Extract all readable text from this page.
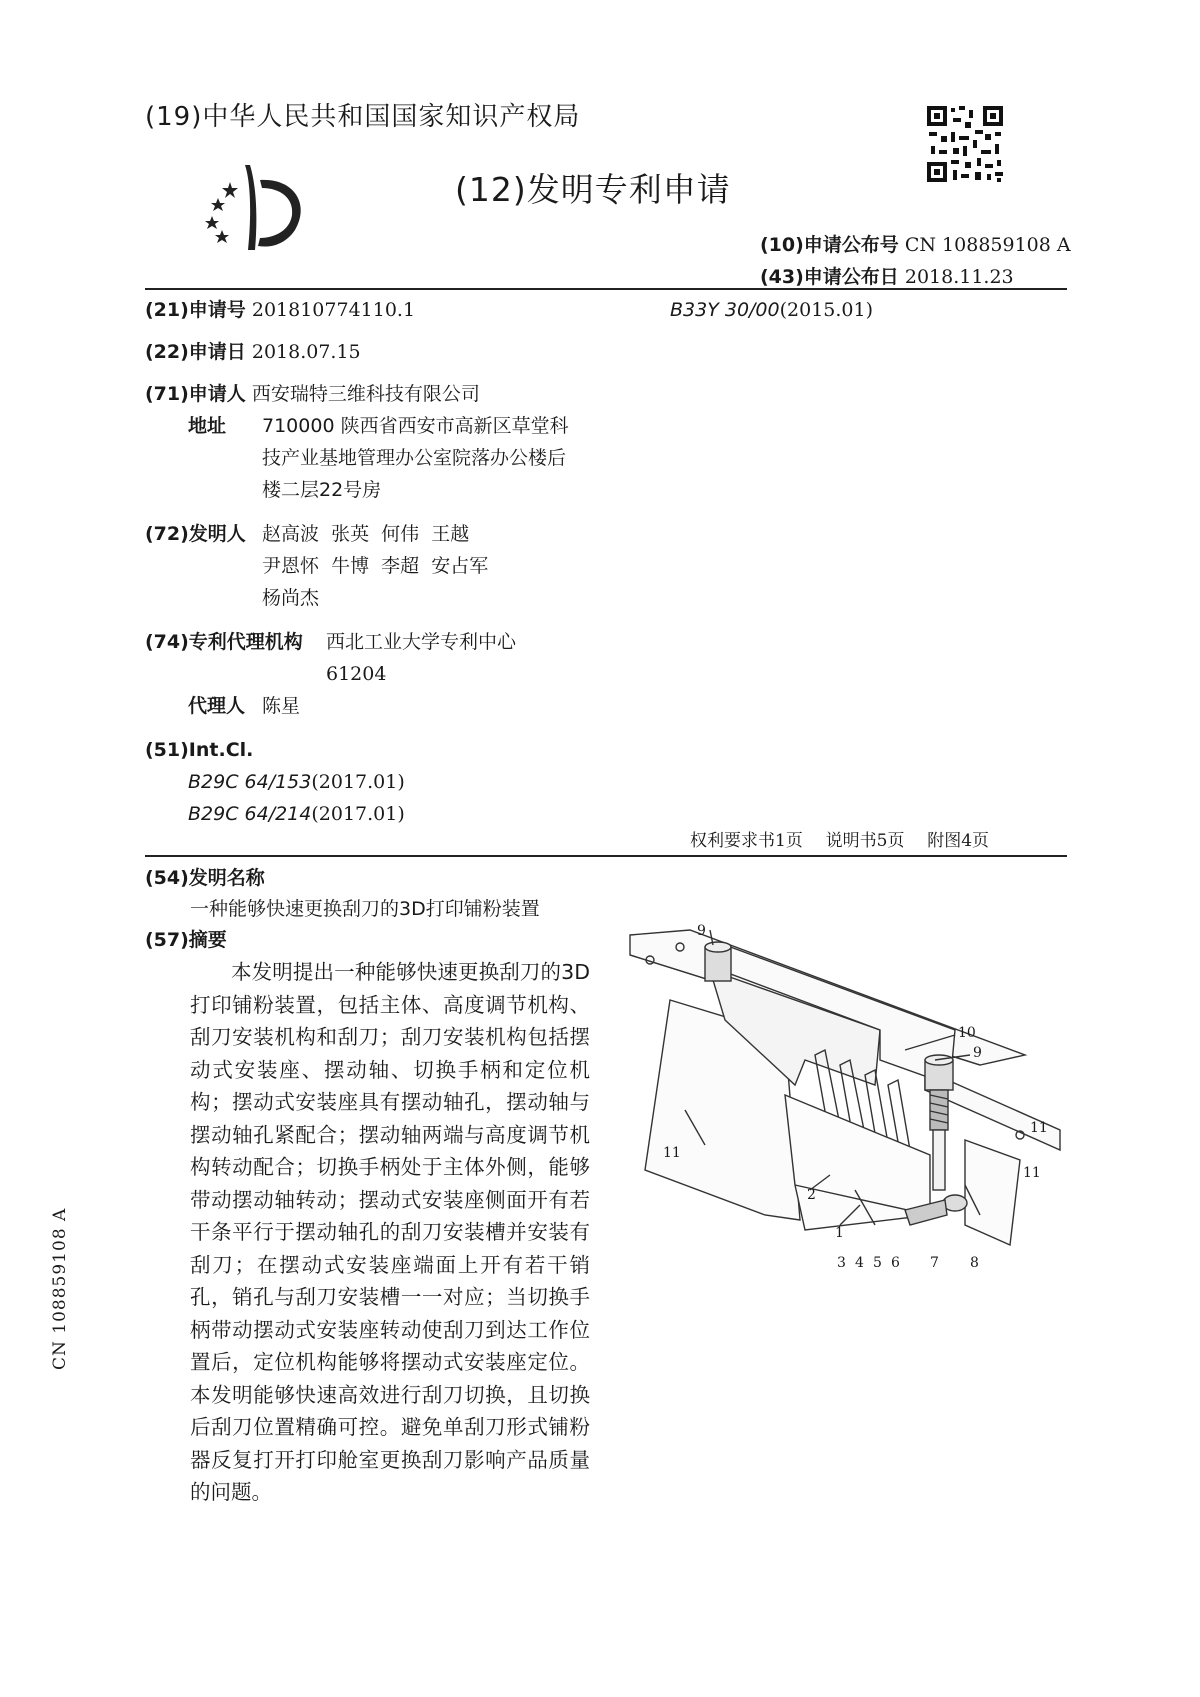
(19)中华人民共和国国家知识产权局
(12)发明专利申请
(10)申请公布号 CN 108859108 A
(43)申请公布日 2018.11.23
(21)申请号 201810774110.1	B33Y 30/00(2015.01)
(22)申请日 2018.07.15
(71)申请人 西安瑞特三维科技有限公司
地址 710000 陕西省西安市高新区草堂科
技产业基地管理办公室院落办公楼后
楼二层22号房
(72)发明人 赵高波  张英  何伟  王越
尹恩怀  牛博  李超  安占军
杨尚杰
(74)专利代理机构 西北工业大学专利中心
61204
代理人 陈星
(51)Int.Cl.
B29C 64/153(2017.01)
B29C 64/214(2017.01)
权利要求书1页  说明书5页  附图4页
(54)发明名称
一种能够快速更换刮刀的3D打印铺粉装置
(57)摘要
本发明提出一种能够快速更换刮刀的3D打印铺粉装置，包括主体、高度调节机构、刮刀安装机构和刮刀；刮刀安装机构包括摆动式安装座、摆动轴、切换手柄和定位机构；摆动式安装座具有摆动轴孔，摆动轴与摆动轴孔紧配合；摆动轴两端与高度调节机构转动配合；切换手柄处于主体外侧，能够带动摆动轴转动；摆动式安装座侧面开有若干条平行于摆动轴孔的刮刀安装槽并安装有刮刀；在摆动式安装座端面上开有若干销孔，销孔与刮刀安装槽一一对应；当切换手柄带动摆动式安装座转动使刮刀到达工作位置后，定位机构能够将摆动式安装座定位。本发明能够快速高效进行刮刀切换，且切换后刮刀位置精确可控。避免单刮刀形式铺粉器反复打开打印舱室更换刮刀影响产品质量的问题。
CN 108859108 A
9
10
9
11
11
11
2
1
3 4 5 6 7 8
